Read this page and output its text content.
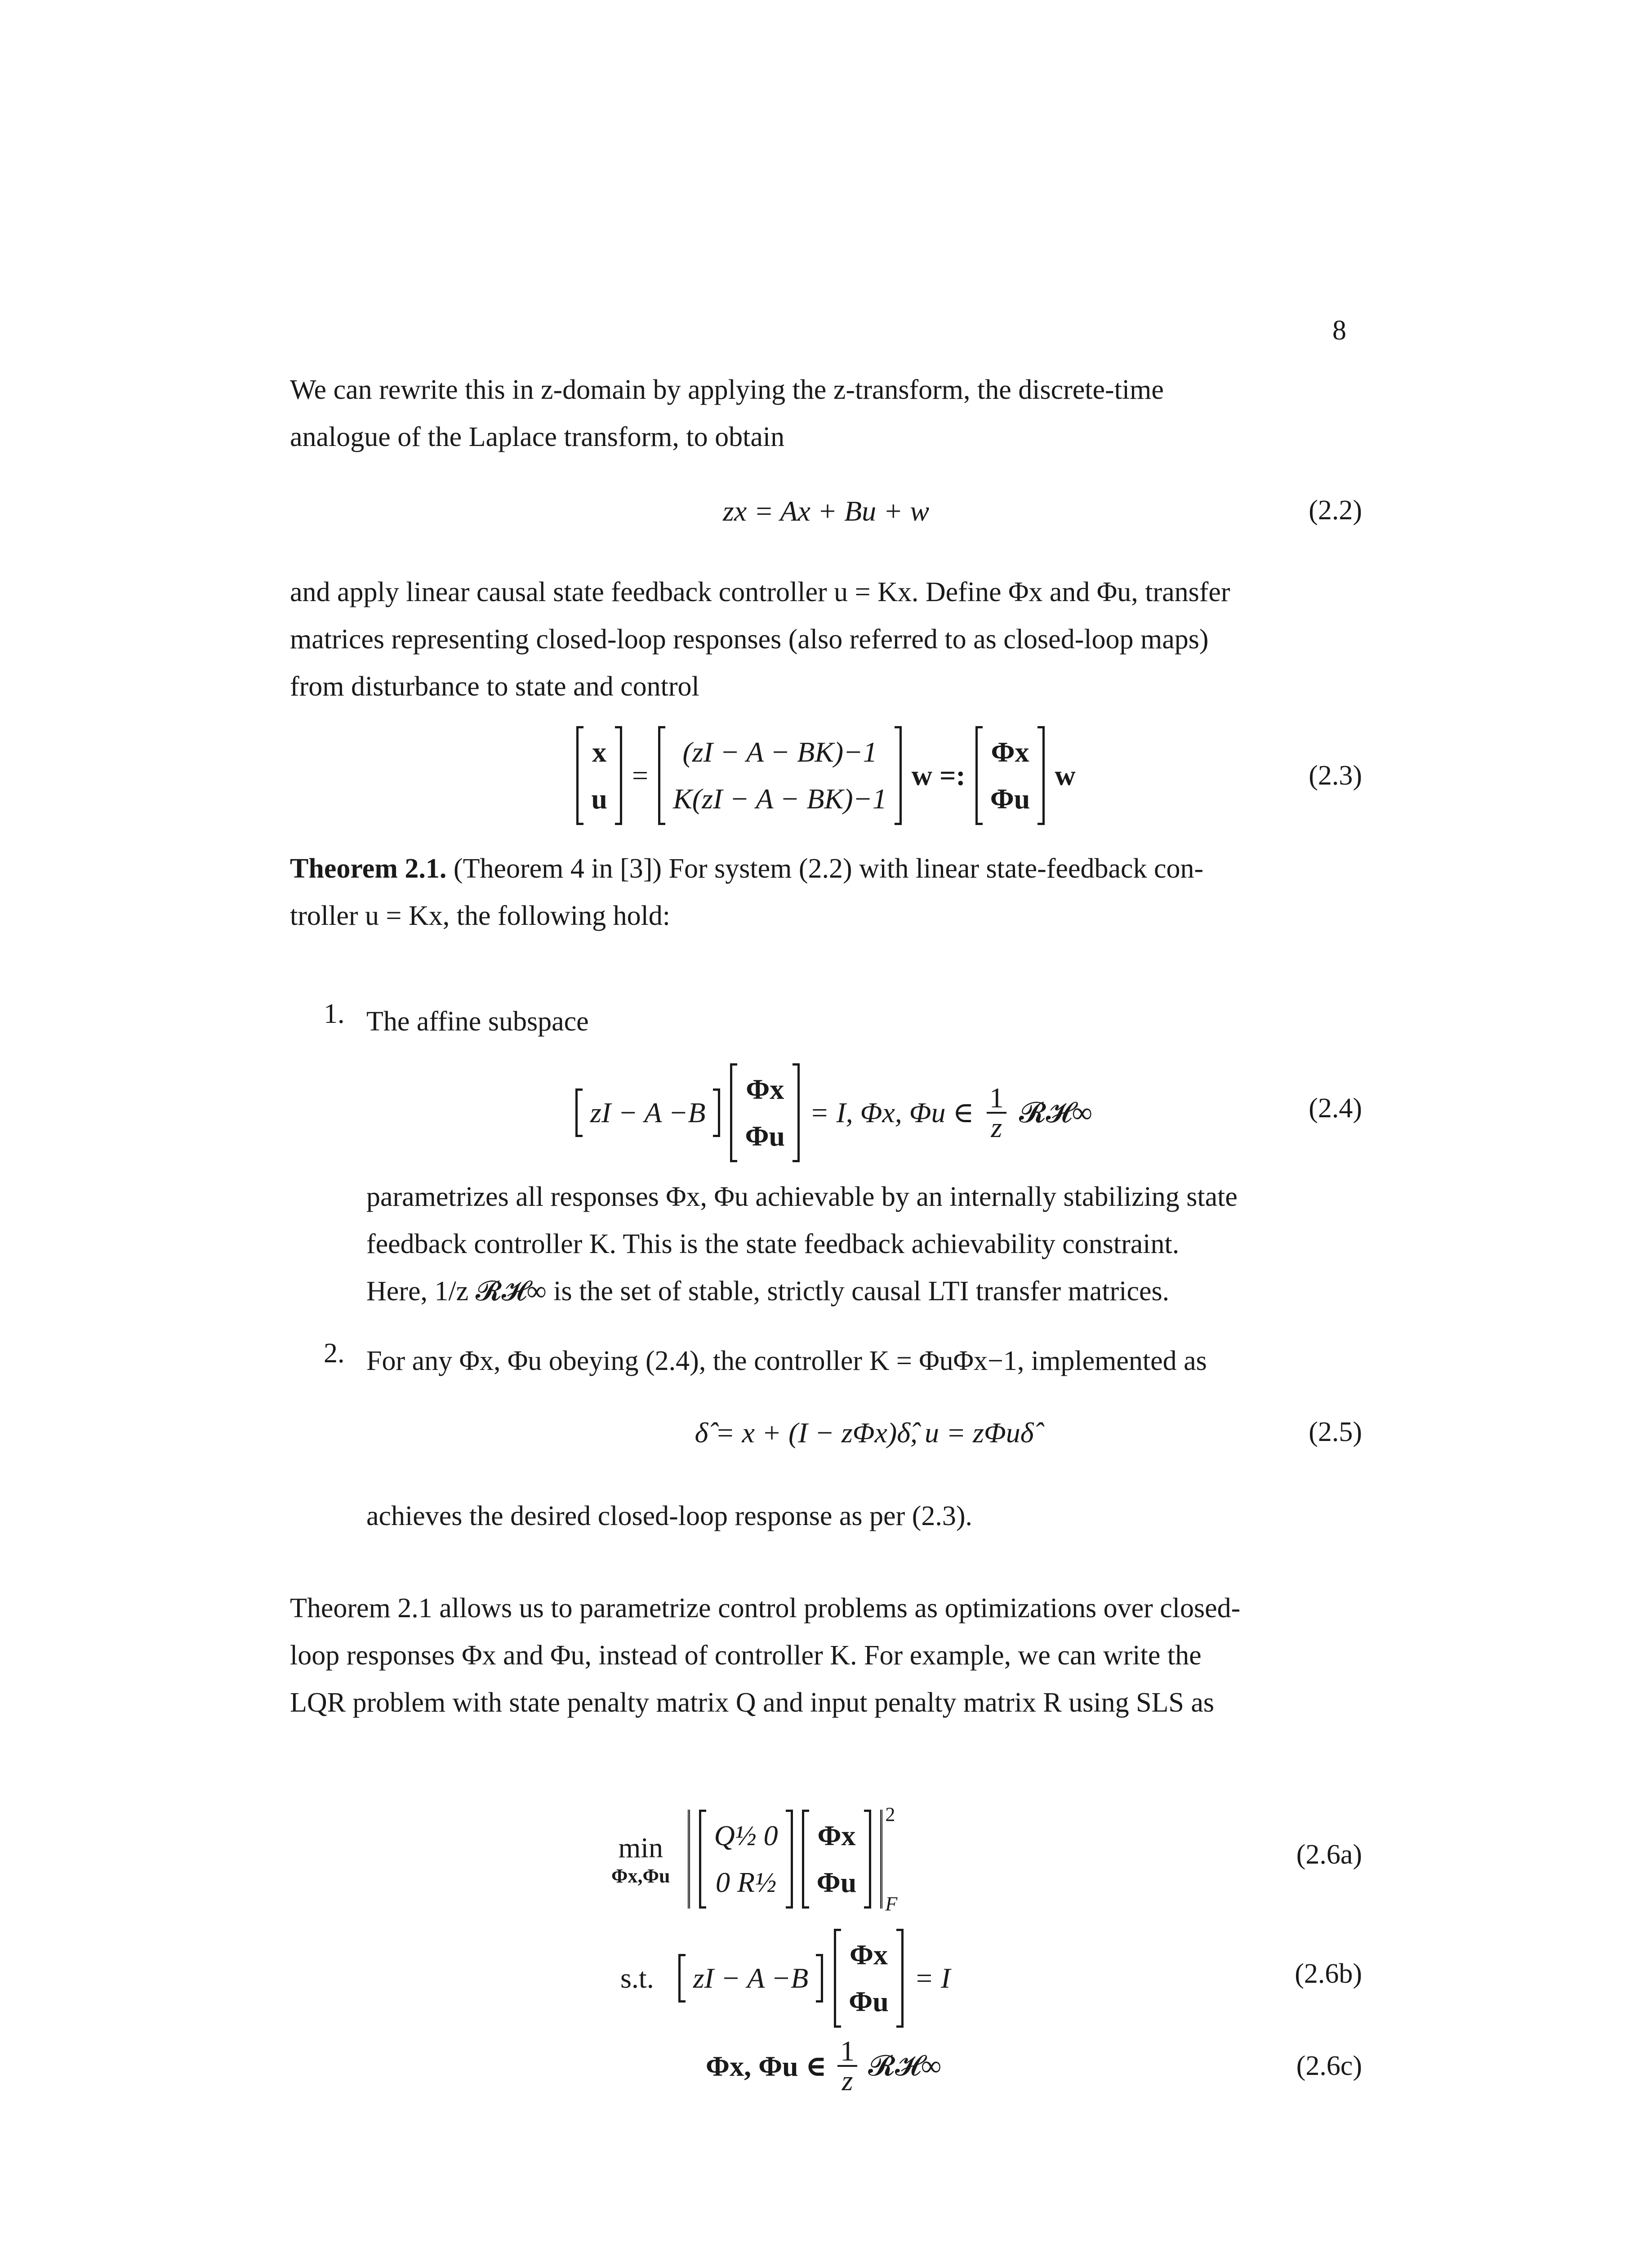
8
We can rewrite this in z-domain by applying the z-transform, the discrete-time
analogue of the Laplace transform, to obtain
zx = Ax + Bu + w	(2.2)
and apply linear causal state feedback controller u = Kx. Define Φx and Φu, transfer
matrices representing closed-loop responses (also referred to as closed-loop maps)
from disturbance to state and control
x
u
=
(zI − A − BK)−1
K(zI − A − BK)−1
w =:
Φx
Φu
w	(2.3)
Theorem 2.1. (Theorem 4 in [3]) For system (2.2) with linear state-feedback con-
troller u = Kx, the following hold:
1. The affine subspace
zI − A −B
Φx
Φu
= I, Φx, Φu ∈ $\frac{1}{z}$ 𝓡𝓗∞	(2.4)
parametrizes all responses Φx, Φu achievable by an internally stabilizing state
feedback controller K. This is the state feedback achievability constraint.
Here, 1/z 𝓡𝓗∞ is the set of stable, strictly causal LTI transfer matrices.
2. For any Φx, Φu obeying (2.4), the controller K = ΦuΦx−1, implemented as
δ̂ = x + (I − zΦx)δ̂, u = zΦuδ̂	(2.5)
achieves the desired closed-loop response as per (2.3).
Theorem 2.1 allows us to parametrize control problems as optimizations over closed-
loop responses Φx and Φu, instead of controller K. For example, we can write the
LQR problem with state penalty matrix Q and input penalty matrix R using SLS as
min
Φx,Φu
Q½ 0
0 R½
Φx
Φu
2
F
(2.6a)
s.t. zI − A −B
Φx
Φu
= I	(2.6b)
Φx, Φu ∈ $\frac{1}{z}$ 𝓡𝓗∞	(2.6c)
